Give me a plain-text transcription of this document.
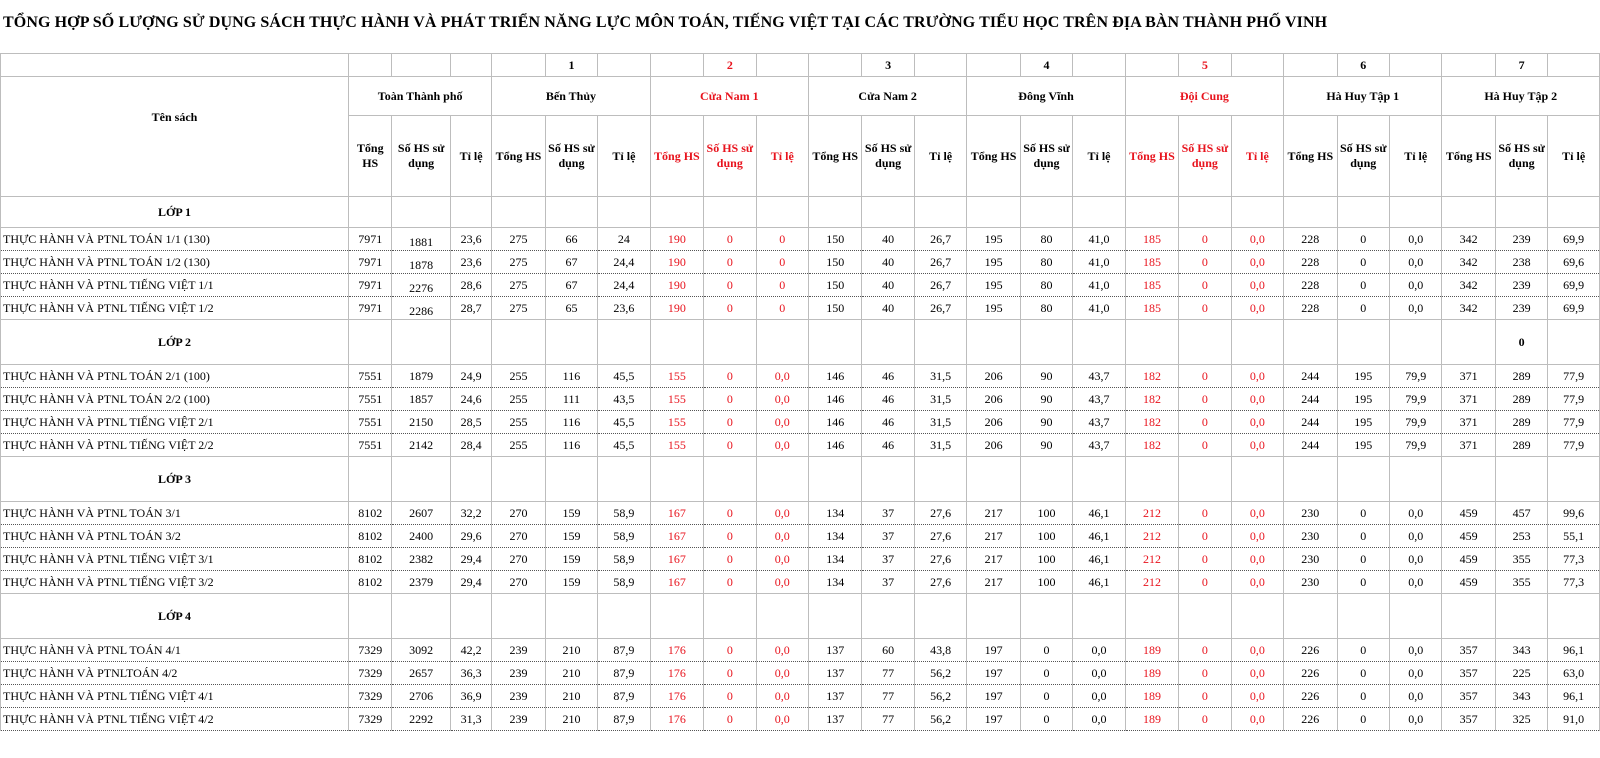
TỔNG HỢP SỐ LƯỢNG SỬ DỤNG SÁCH THỰC HÀNH VÀ PHÁT TRIỂN NĂNG LỰC MÔN TOÁN, TIẾNG VIỆT TẠI CÁC TRƯỜNG TIỂU HỌC TRÊN ĐỊA BÀN THÀNH PHỐ VINH
					1			2			3			4			5			6			7	
Tên sách	Toàn Thành phố			Bến Thủy			Cửa Nam 1			Cửa Nam 2			Đông Vĩnh			Đội Cung			Hà Huy Tập 1			Hà Huy Tập 2		
	Tổng HS	Số HS sử dụng	Tỉ lệ	Tổng HS	Số HS sử dụng	Tỉ lệ	Tổng HS	Số HS sử dụng	Tỉ lệ	Tổng HS	Số HS sử dụng	Tỉ lệ	Tổng HS	Số HS sử dụng	Tỉ lệ	Tổng HS	Số HS sử dụng	Tỉ lệ	Tổng HS	Số HS sử dụng	Tỉ lệ	Tổng HS	Số HS sử dụng	Tỉ lệ
LỚP 1																								
THỰC HÀNH VÀ PTNL TOÁN 1/1 (130)	7971	1881	23,6	275	66	24	190	0	0	150	40	26,7	195	80	41,0	185	0	0,0	228	0	0,0	342	239	69,9
THỰC HÀNH VÀ PTNL TOÁN 1/2 (130)	7971	1878	23,6	275	67	24,4	190	0	0	150	40	26,7	195	80	41,0	185	0	0,0	228	0	0,0	342	238	69,6
THỰC HÀNH VÀ PTNL TIẾNG VIỆT 1/1	7971	2276	28,6	275	67	24,4	190	0	0	150	40	26,7	195	80	41,0	185	0	0,0	228	0	0,0	342	239	69,9
THỰC HÀNH VÀ PTNL TIẾNG VIỆT 1/2	7971	2286	28,7	275	65	23,6	190	0	0	150	40	26,7	195	80	41,0	185	0	0,0	228	0	0,0	342	239	69,9
LỚP 2																							0	
THỰC HÀNH VÀ PTNL TOÁN 2/1 (100)	7551	1879	24,9	255	116	45,5	155	0	0,0	146	46	31,5	206	90	43,7	182	0	0,0	244	195	79,9	371	289	77,9
THỰC HÀNH VÀ PTNL TOÁN 2/2 (100)	7551	1857	24,6	255	111	43,5	155	0	0,0	146	46	31,5	206	90	43,7	182	0	0,0	244	195	79,9	371	289	77,9
THỰC HÀNH VÀ PTNL TIẾNG VIỆT 2/1	7551	2150	28,5	255	116	45,5	155	0	0,0	146	46	31,5	206	90	43,7	182	0	0,0	244	195	79,9	371	289	77,9
THỰC HÀNH VÀ PTNL TIẾNG VIỆT 2/2	7551	2142	28,4	255	116	45,5	155	0	0,0	146	46	31,5	206	90	43,7	182	0	0,0	244	195	79,9	371	289	77,9
LỚP 3																								
THỰC HÀNH VÀ PTNL TOÁN 3/1	8102	2607	32,2	270	159	58,9	167	0	0,0	134	37	27,6	217	100	46,1	212	0	0,0	230	0	0,0	459	457	99,6
THỰC HÀNH VÀ PTNL TOÁN 3/2	8102	2400	29,6	270	159	58,9	167	0	0,0	134	37	27,6	217	100	46,1	212	0	0,0	230	0	0,0	459	253	55,1
THỰC HÀNH VÀ PTNL TIẾNG VIỆT 3/1	8102	2382	29,4	270	159	58,9	167	0	0,0	134	37	27,6	217	100	46,1	212	0	0,0	230	0	0,0	459	355	77,3
THỰC HÀNH VÀ PTNL TIẾNG VIỆT 3/2	8102	2379	29,4	270	159	58,9	167	0	0,0	134	37	27,6	217	100	46,1	212	0	0,0	230	0	0,0	459	355	77,3
LỚP 4																								
THỰC HÀNH VÀ PTNL TOÁN 4/1	7329	3092	42,2	239	210	87,9	176	0	0,0	137	60	43,8	197	0	0,0	189	0	0,0	226	0	0,0	357	343	96,1
THỰC HÀNH VÀ PTNLTOÁN 4/2	7329	2657	36,3	239	210	87,9	176	0	0,0	137	77	56,2	197	0	0,0	189	0	0,0	226	0	0,0	357	225	63,0
THỰC HÀNH VÀ PTNL TIẾNG VIỆT 4/1	7329	2706	36,9	239	210	87,9	176	0	0,0	137	77	56,2	197	0	0,0	189	0	0,0	226	0	0,0	357	343	96,1
THỰC HÀNH VÀ PTNL TIẾNG VIỆT 4/2	7329	2292	31,3	239	210	87,9	176	0	0,0	137	77	56,2	197	0	0,0	189	0	0,0	226	0	0,0	357	325	91,0
